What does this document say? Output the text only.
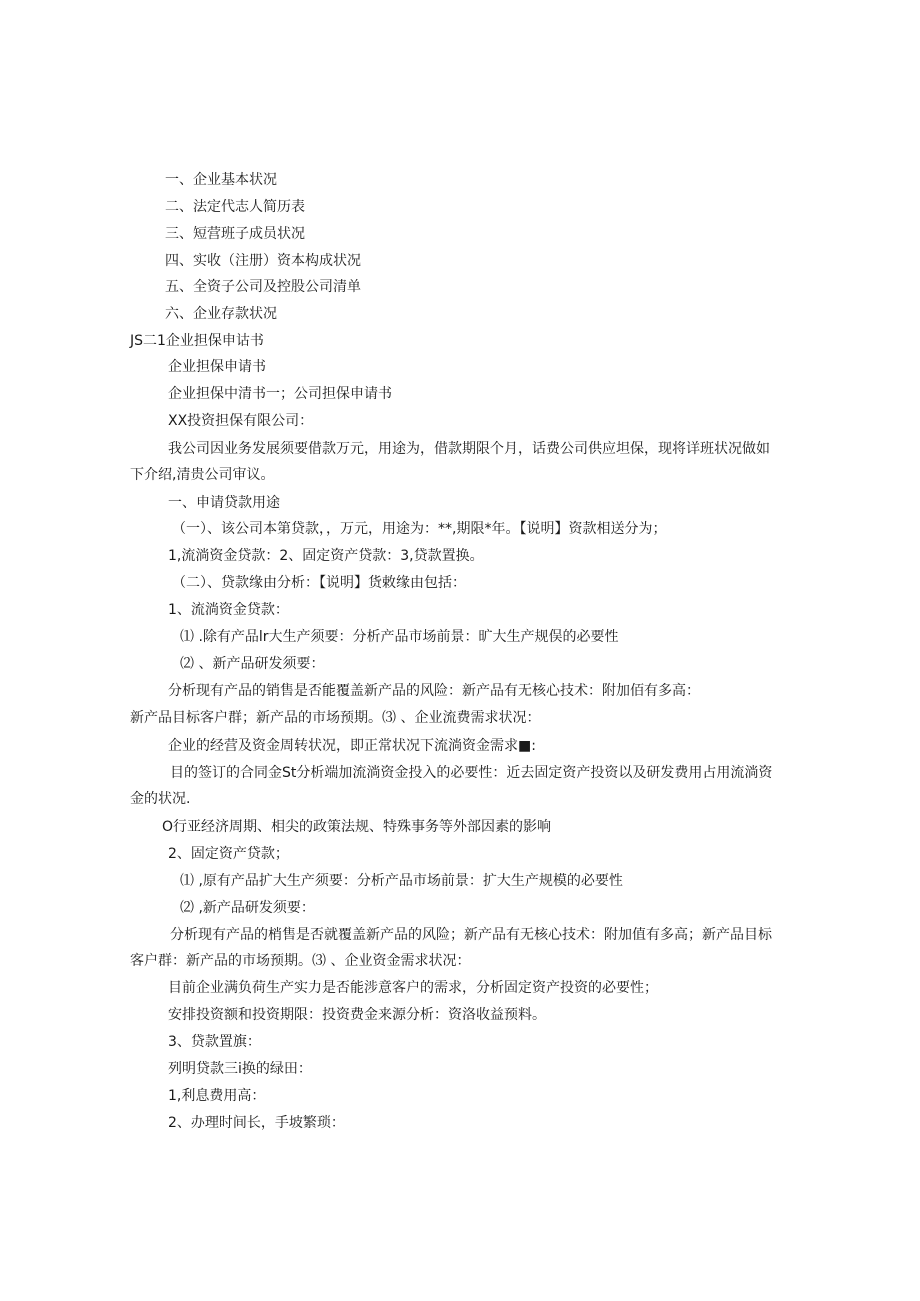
一、企业基本状况
二、法定代志人简历表
三、短营班子成员状况
四、实收（注册）资本构成状况
五、全资子公司及控股公司清单
六、企业存款状况
JS二1企业担保申诂书
企业担保申请书
企业担保中清书一；公司担保申请书
XX投资担保有限公司：
我公司因业务发展须要借款万元，用途为，借款期限个月，话费公司供应坦保，现将详班状况做如下介绍,清贵公司审议。
一、申请贷款用途
（一）、该公司本第贷款，，万元，用途为：**,期限*年。【说明】资款相送分为；
1,流淌资金贷款：2、固定资产贷款：3,贷款置换。
（二）、贷款缘由分析：【说明】货敕缘由包括：
1、流淌资金贷款：
⑴ .除有产品lr大生产须要：分析产品市场前景：旷大生产规俣的必要性
⑵ 、新产品研发须要：
分析现有产品的销售是否能覆盖新产品的风险：新产品有无核心技术：附加佰有多高：
新产品目标客户群；新产品的市场预期。⑶ 、企业流费需求状况：
企业的经营及资金周转状况，即正常状况下流淌资金需求■:
目的签订的合同金St分析端加流淌资金投入的必要性：近去固定资产投资以及研发费用占用流淌资金的状况.
O行亚经济周期、相尖的政策法规、特殊事务等外部因素的影响
2、固定资产贷款；
⑴ ,原有产品扩大生产须要：分析产品市场前景：扩大生产规模的必要性
⑵ ,新产品研发须要：
分析现有产品的梢售是否就覆盖新产品的风险；新产品有无核心技术：附加值有多高；新产品目标客户群：新产品的市场预期。⑶ 、企业资金需求状况：
目前企业满负荷生产实力是否能涉意客户的需求，分析固定资产投资的必要性；
安排投资额和投资期限：投资费金来源分析：资洛收益预料。
3、贷款置旗：
列明贷款三i换的绿田：
1,利息费用高：
2、办理时间长，手坡繁琐：
